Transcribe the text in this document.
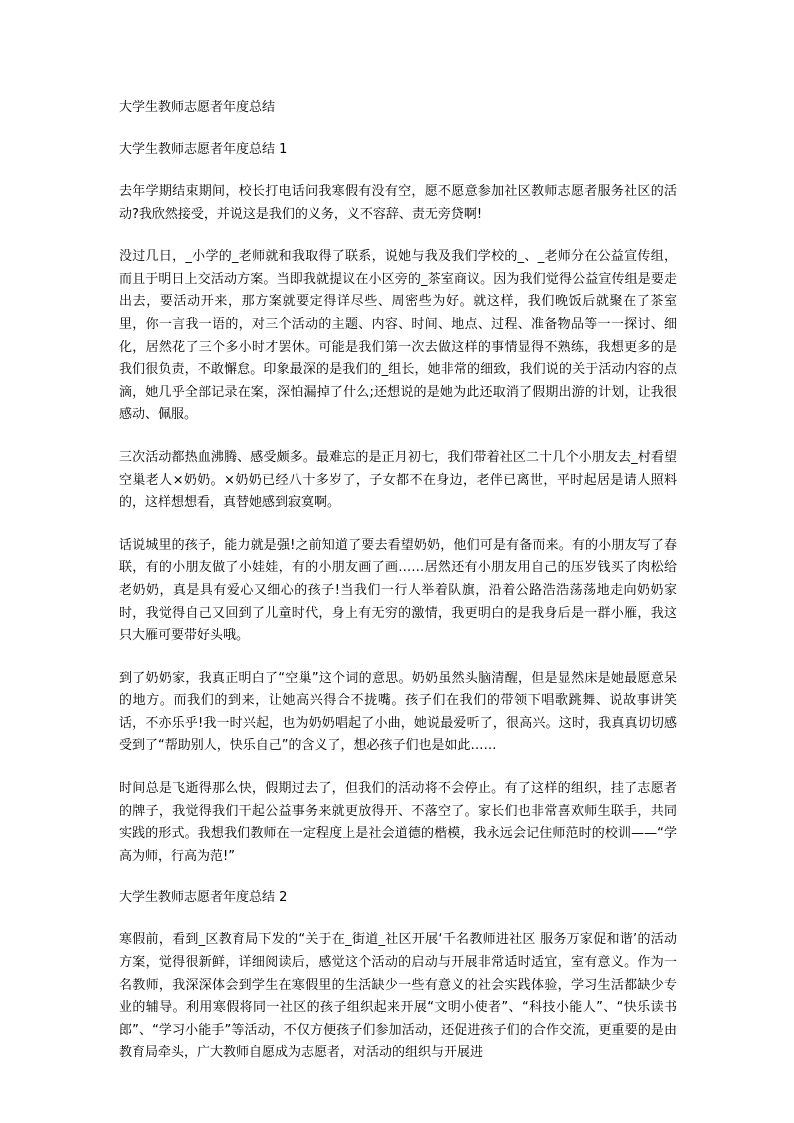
大学生教师志愿者年度总结
大学生教师志愿者年度总结 1

去年学期结束期间，校长打电话问我寒假有没有空，愿不愿意参加社区教师志愿者服务社区的活动?我欣然接受，并说这是我们的义务，义不容辞、责无旁贷啊!

没过几日，_小学的_老师就和我取得了联系，说她与我及我们学校的_、_老师分在公益宣传组，而且于明日上交活动方案。当即我就提议在小区旁的_茶室商议。因为我们觉得公益宣传组是要走出去，要活动开来，那方案就要定得详尽些、周密些为好。就这样，我们晚饭后就聚在了茶室里，你一言我一语的，对三个活动的主题、内容、时间、地点、过程、准备物品等一一探讨、细化，居然花了三个多小时才罢休。可能是我们第一次去做这样的事情显得不熟练，我想更多的是我们很负责，不敢懈怠。印象最深的是我们的_组长，她非常的细致，我们说的关于活动内容的点滴，她几乎全部记录在案，深怕漏掉了什么;还想说的是她为此还取消了假期出游的计划，让我很感动、佩服。

三次活动都热血沸腾、感受颇多。最难忘的是正月初七，我们带着社区二十几个小朋友去_村看望空巢老人×奶奶。×奶奶已经八十多岁了，子女都不在身边，老伴已离世，平时起居是请人照料的，这样想想看，真替她感到寂寞啊。

话说城里的孩子，能力就是强!之前知道了要去看望奶奶，他们可是有备而来。有的小朋友写了春联，有的小朋友做了小娃娃，有的小朋友画了画……居然还有小朋友用自己的压岁钱买了肉松给老奶奶，真是具有爱心又细心的孩子!当我们一行人举着队旗，沿着公路浩浩荡荡地走向奶奶家时，我觉得自己又回到了儿童时代，身上有无穷的激情，我更明白的是我身后是一群小雁，我这只大雁可要带好头哦。

到了奶奶家，我真正明白了“空巢”这个词的意思。奶奶虽然头脑清醒，但是显然床是她最愿意呆的地方。而我们的到来，让她高兴得合不拢嘴。孩子们在我们的带领下唱歌跳舞、说故事讲笑话，不亦乐乎!我一时兴起，也为奶奶唱起了小曲，她说最爱听了，很高兴。这时，我真真切切感受到了“帮助别人，快乐自己”的含义了，想必孩子们也是如此……

时间总是飞逝得那么快，假期过去了，但我们的活动将不会停止。有了这样的组织，挂了志愿者的牌子，我觉得我们干起公益事务来就更放得开、不落空了。家长们也非常喜欢师生联手，共同实践的形式。我想我们教师在一定程度上是社会道德的楷模，我永远会记住师范时的校训——“学高为师，行高为范!”

大学生教师志愿者年度总结 2

寒假前，看到_区教育局下发的“关于在_街道_社区开展‘千名教师进社区 服务万家促和谐’的活动方案，觉得很新鲜，详细阅读后，感觉这个活动的启动与开展非常适时适宜，室有意义。作为一名教师，我深深体会到学生在寒假里的生活缺少一些有意义的社会实践体验，学习生活都缺少专业的辅导。利用寒假将同一社区的孩子组织起来开展“文明小使者”、“科技小能人”、“快乐读书郎”、“学习小能手”等活动，不仅方便孩子们参加活动，还促进孩子们的合作交流，更重要的是由教育局牵头，广大教师自愿成为志愿者，对活动的组织与开展进
